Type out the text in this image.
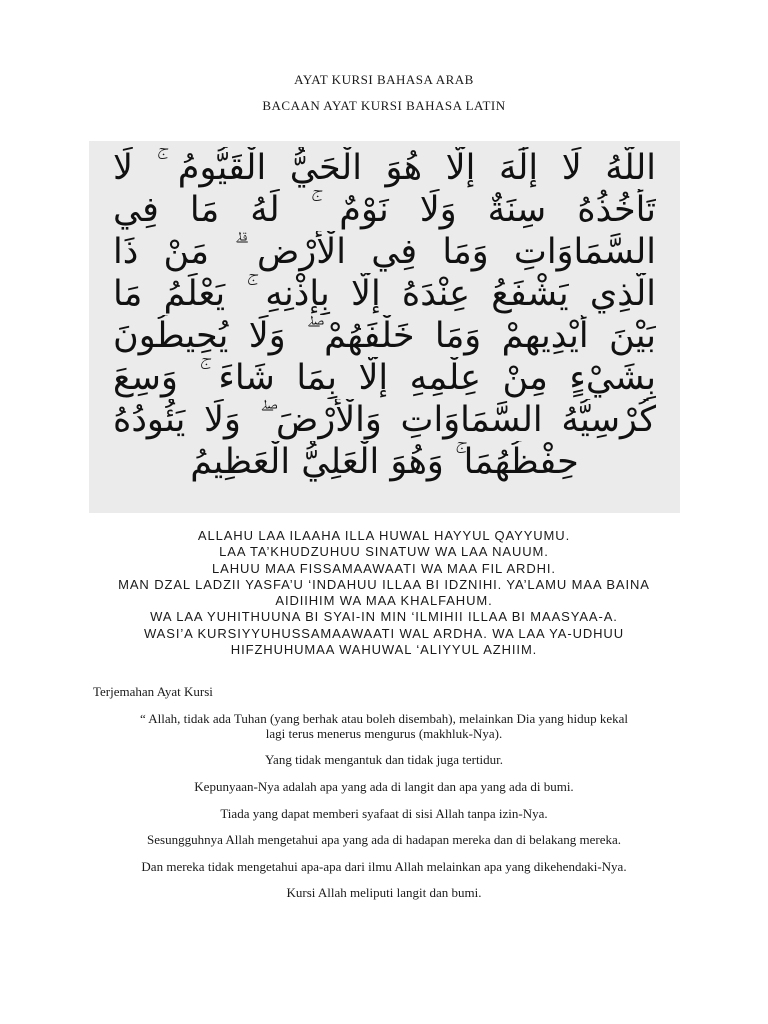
AYAT KURSI BAHASA ARAB
BACAAN AYAT KURSI BAHASA LATIN
اللَّهُ لَا إِلَٰهَ إِلَّا هُوَ الْحَيُّ الْقَيُّومُ ۚ لَا
تَأْخُذُهُ سِنَةٌ وَلَا نَوْمٌ ۚ لَهُ مَا فِي
السَّمَاوَاتِ وَمَا فِي الْأَرْضِ ۗ مَنْ ذَا
الَّذِي يَشْفَعُ عِنْدَهُ إِلَّا بِإِذْنِهِ ۚ يَعْلَمُ مَا
بَيْنَ أَيْدِيهِمْ وَمَا خَلْفَهُمْ ۖ وَلَا يُحِيطُونَ
بِشَيْءٍ مِنْ عِلْمِهِ إِلَّا بِمَا شَاءَ ۚ وَسِعَ
كُرْسِيُّهُ السَّمَاوَاتِ وَالْأَرْضَ ۖ وَلَا يَئُودُهُ
حِفْظُهُمَا ۚ وَهُوَ الْعَلِيُّ الْعَظِيمُ
ALLAHU LAA ILAAHA ILLA HUWAL HAYYUL QAYYUMU.
LAA TA’KHUDZUHUU SINATUW WA LAA NAUUM.
LAHUU MAA FISSAMAAWAATI WA MAA FIL ARDHI.
MAN DZAL LADZII YASFA’U ‘INDAHUU ILLAA BI IDZNIHI. YA’LAMU MAA BAINA
AIDIIHIM WA MAA KHALFAHUM.
WA LAA YUHITHUUNA BI SYAI-IN MIN ‘ILMIHII ILLAA BI MAASYAA-A.
WASI’A KURSIYYUHUSSAMAAWAATI WAL ARDHA. WA LAA YA-UDHUU
HIFZHUHUMAA WAHUWAL ‘ALIYYUL AZHIIM.
Terjemahan Ayat Kursi
“ Allah, tidak ada Tuhan (yang berhak atau boleh disembah), melainkan Dia yang hidup kekal
lagi terus menerus mengurus (makhluk-Nya).
Yang tidak mengantuk dan tidak juga tertidur.
Kepunyaan-Nya adalah apa yang ada di langit dan apa yang ada di bumi.
Tiada yang dapat memberi syafaat di sisi Allah tanpa izin-Nya.
Sesungguhnya Allah mengetahui apa yang ada di hadapan mereka dan di belakang mereka.
Dan mereka tidak mengetahui apa-apa dari ilmu Allah melainkan apa yang dikehendaki-Nya.
Kursi Allah meliputi langit dan bumi.
